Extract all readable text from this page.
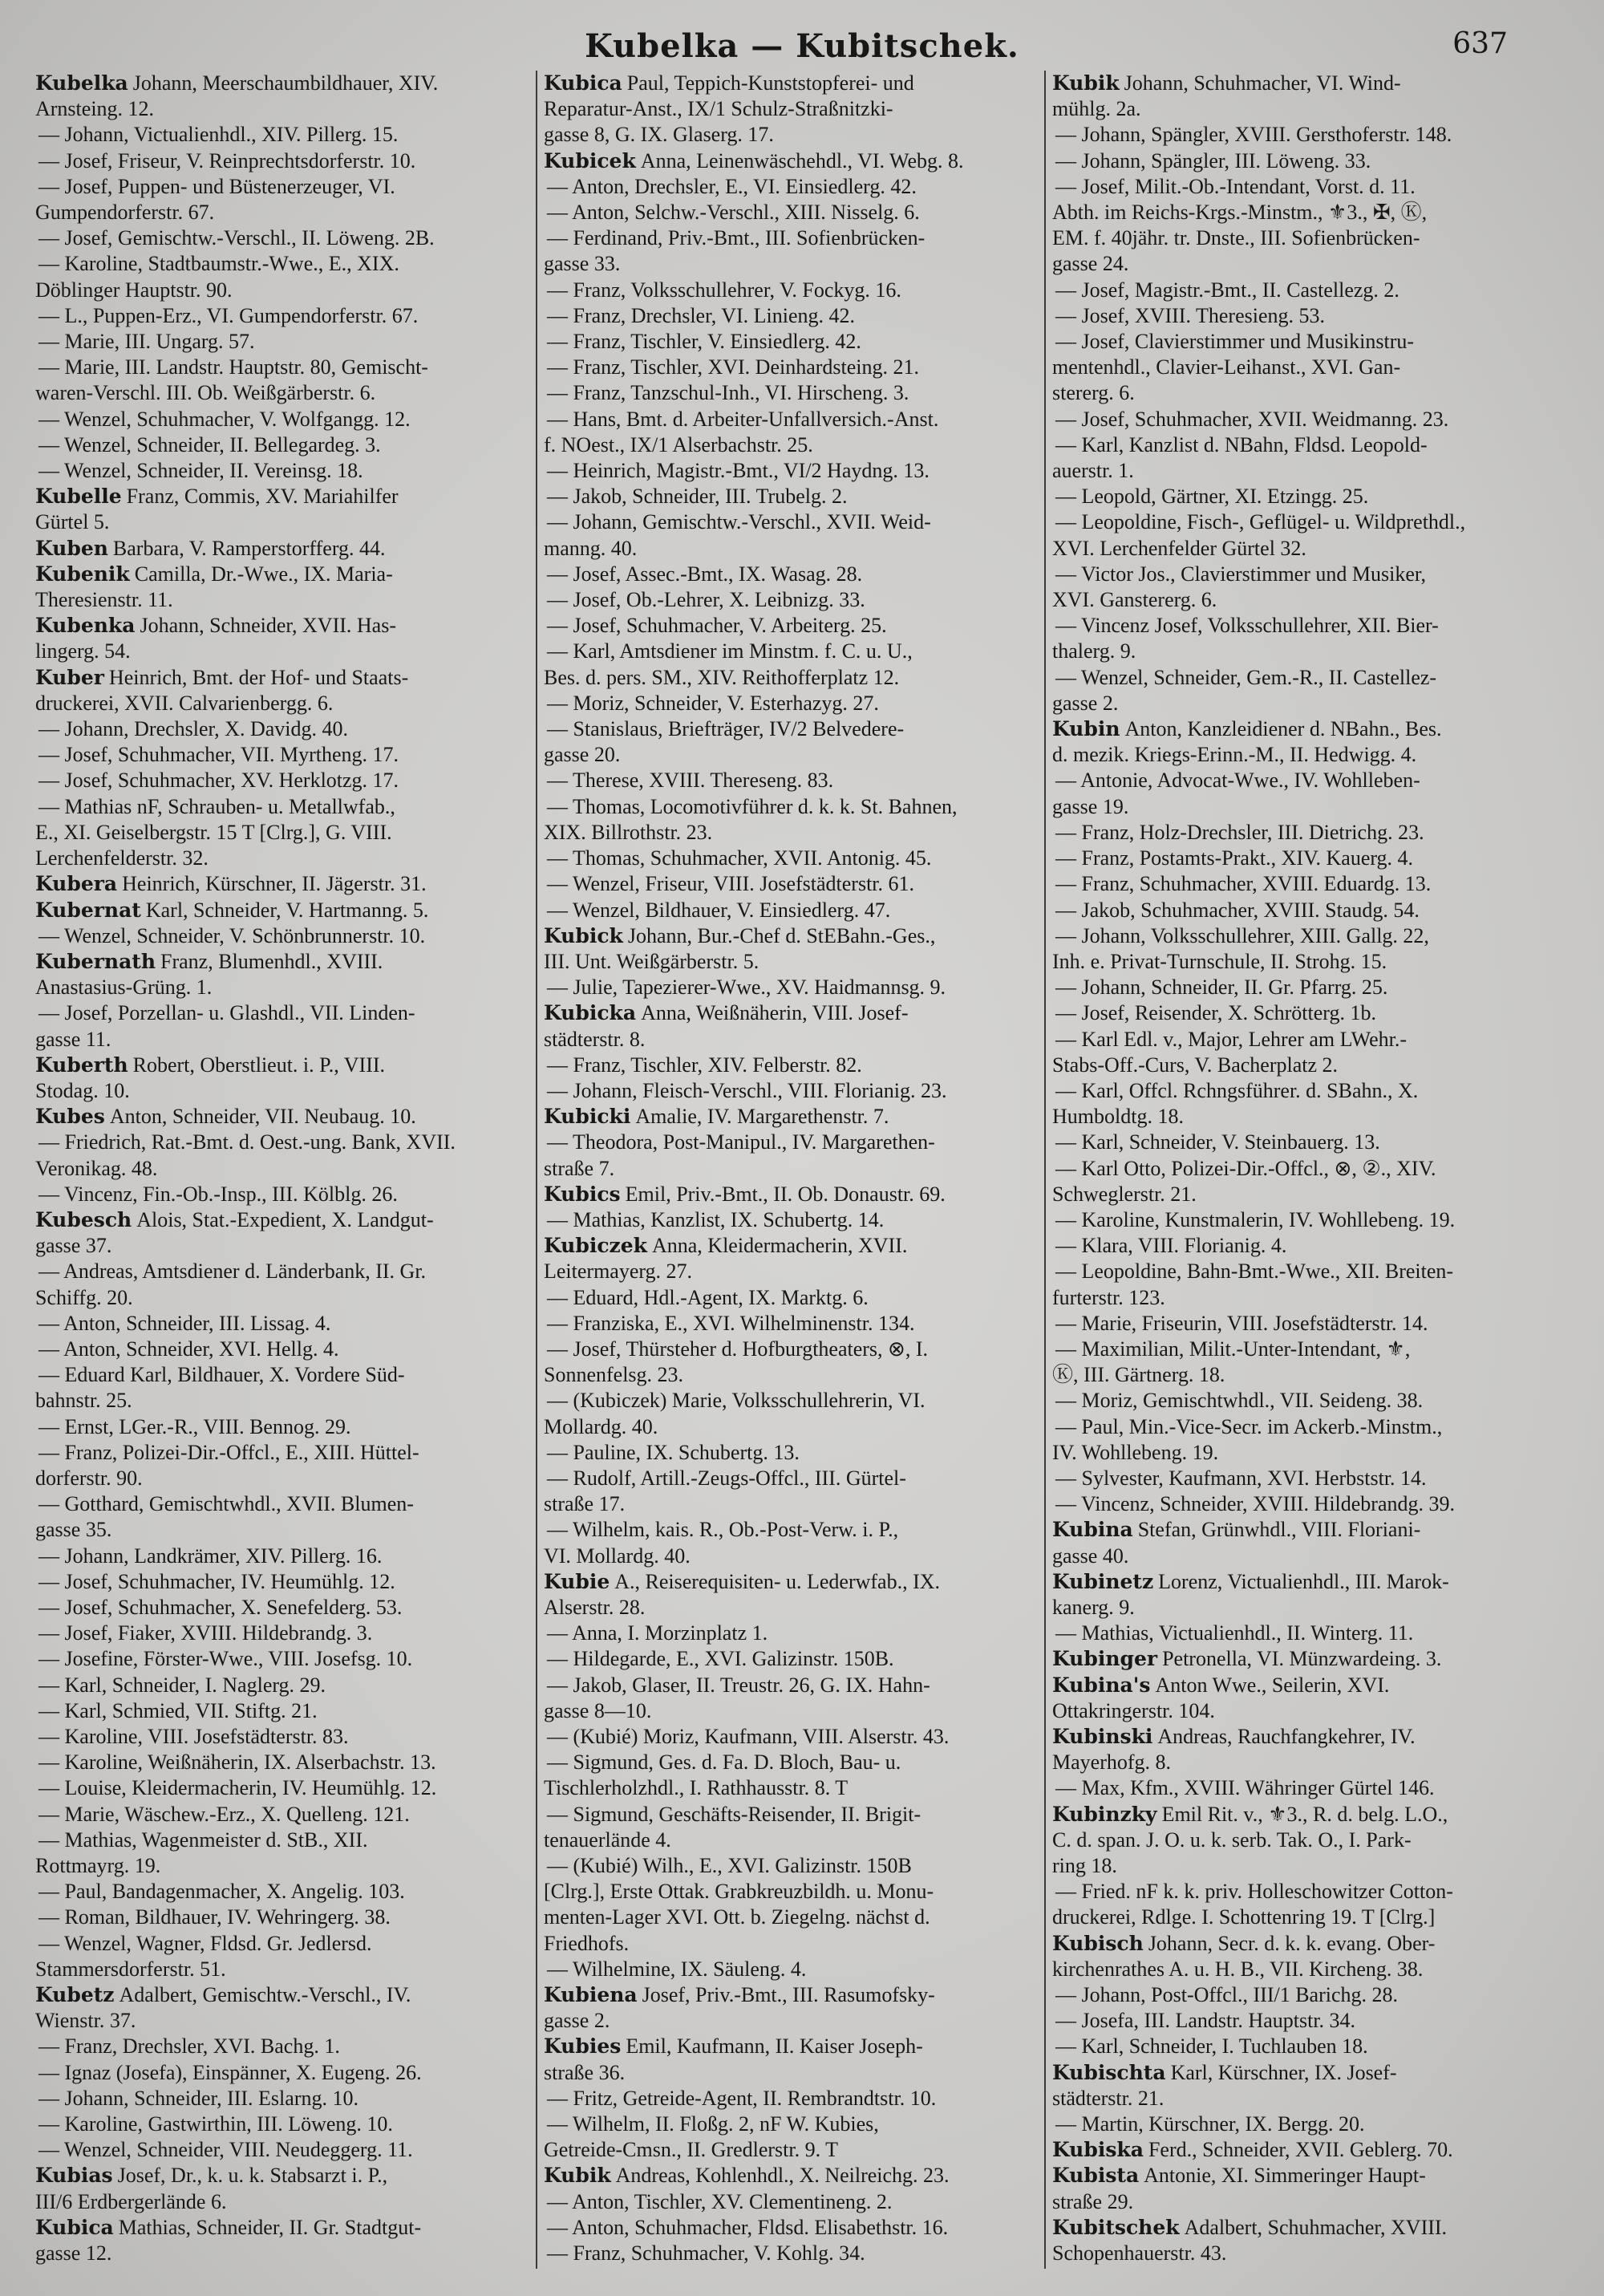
Kubelka — Kubitschek.	637
Kubelka Johann, Meerschaumbildhauer, XIV.
Arnsteing. 12.
— Johann, Victualienhdl., XIV. Pillerg. 15.
— Josef, Friseur, V. Reinprechtsdorferstr. 10.
— Josef, Puppen- und Büstenerzeuger, VI.
Gumpendorferstr. 67.
— Josef, Gemischtw.-Verschl., II. Löweng. 2B.
— Karoline, Stadtbaumstr.-Wwe., E., XIX.
Döblinger Hauptstr. 90.
— L., Puppen-Erz., VI. Gumpendorferstr. 67.
— Marie, III. Ungarg. 57.
— Marie, III. Landstr. Hauptstr. 80, Gemischt-
waren-Verschl. III. Ob. Weißgärberstr. 6.
— Wenzel, Schuhmacher, V. Wolfgangg. 12.
— Wenzel, Schneider, II. Bellegardeg. 3.
— Wenzel, Schneider, II. Vereinsg. 18.
Kubelle Franz, Commis, XV. Mariahilfer
Gürtel 5.
Kuben Barbara, V. Ramperstorfferg. 44.
Kubenik Camilla, Dr.-Wwe., IX. Maria-
Theresienstr. 11.
Kubenka Johann, Schneider, XVII. Has-
lingerg. 54.
Kuber Heinrich, Bmt. der Hof- und Staats-
druckerei, XVII. Calvarienbergg. 6.
— Johann, Drechsler, X. Davidg. 40.
— Josef, Schuhmacher, VII. Myrtheng. 17.
— Josef, Schuhmacher, XV. Herklotzg. 17.
— Mathias nF, Schrauben- u. Metallwfab.,
E., XI. Geiselbergstr. 15 T [Clrg.], G. VIII.
Lerchenfelderstr. 32.
Kubera Heinrich, Kürschner, II. Jägerstr. 31.
Kubernat Karl, Schneider, V. Hartmanng. 5.
— Wenzel, Schneider, V. Schönbrunnerstr. 10.
Kubernath Franz, Blumenhdl., XVIII.
Anastasius-Grüng. 1.
— Josef, Porzellan- u. Glashdl., VII. Linden-
gasse 11.
Kuberth Robert, Oberstlieut. i. P., VIII.
Stodag. 10.
Kubes Anton, Schneider, VII. Neubaug. 10.
— Friedrich, Rat.-Bmt. d. Oest.-ung. Bank, XVII.
Veronikag. 48.
— Vincenz, Fin.-Ob.-Insp., III. Kölblg. 26.
Kubesch Alois, Stat.-Expedient, X. Landgut-
gasse 37.
— Andreas, Amtsdiener d. Länderbank, II. Gr.
Schiffg. 20.
— Anton, Schneider, III. Lissag. 4.
— Anton, Schneider, XVI. Hellg. 4.
— Eduard Karl, Bildhauer, X. Vordere Süd-
bahnstr. 25.
— Ernst, LGer.-R., VIII. Bennog. 29.
— Franz, Polizei-Dir.-Offcl., E., XIII. Hüttel-
dorferstr. 90.
— Gotthard, Gemischtwhdl., XVII. Blumen-
gasse 35.
— Johann, Landkrämer, XIV. Pillerg. 16.
— Josef, Schuhmacher, IV. Heumühlg. 12.
— Josef, Schuhmacher, X. Senefelderg. 53.
— Josef, Fiaker, XVIII. Hildebrandg. 3.
— Josefine, Förster-Wwe., VIII. Josefsg. 10.
— Karl, Schneider, I. Naglerg. 29.
— Karl, Schmied, VII. Stiftg. 21.
— Karoline, VIII. Josefstädterstr. 83.
— Karoline, Weißnäherin, IX. Alserbachstr. 13.
— Louise, Kleidermacherin, IV. Heumühlg. 12.
— Marie, Wäschew.-Erz., X. Quelleng. 121.
— Mathias, Wagenmeister d. StB., XII.
Rottmayrg. 19.
— Paul, Bandagenmacher, X. Angelig. 103.
— Roman, Bildhauer, IV. Wehringerg. 38.
— Wenzel, Wagner, Fldsd. Gr. Jedlersd.
Stammersdorferstr. 51.
Kubetz Adalbert, Gemischtw.-Verschl., IV.
Wienstr. 37.
— Franz, Drechsler, XVI. Bachg. 1.
— Ignaz (Josefa), Einspänner, X. Eugeng. 26.
— Johann, Schneider, III. Eslarng. 10.
— Karoline, Gastwirthin, III. Löweng. 10.
— Wenzel, Schneider, VIII. Neudeggerg. 11.
Kubias Josef, Dr., k. u. k. Stabsarzt i. P.,
III/6 Erdbergerlände 6.
Kubica Mathias, Schneider, II. Gr. Stadtgut-
gasse 12.
Kubica Paul, Teppich-Kunststopferei- und
Reparatur-Anst., IX/1 Schulz-Straßnitzki-
gasse 8, G. IX. Glaserg. 17.
Kubicek Anna, Leinenwäschehdl., VI. Webg. 8.
— Anton, Drechsler, E., VI. Einsiedlerg. 42.
— Anton, Selchw.-Verschl., XIII. Nisselg. 6.
— Ferdinand, Priv.-Bmt., III. Sofienbrücken-
gasse 33.
— Franz, Volksschullehrer, V. Fockyg. 16.
— Franz, Drechsler, VI. Linieng. 42.
— Franz, Tischler, V. Einsiedlerg. 42.
— Franz, Tischler, XVI. Deinhardsteing. 21.
— Franz, Tanzschul-Inh., VI. Hirscheng. 3.
— Hans, Bmt. d. Arbeiter-Unfallversich.-Anst.
f. NOest., IX/1 Alserbachstr. 25.
— Heinrich, Magistr.-Bmt., VI/2 Haydng. 13.
— Jakob, Schneider, III. Trubelg. 2.
— Johann, Gemischtw.-Verschl., XVII. Weid-
manng. 40.
— Josef, Assec.-Bmt., IX. Wasag. 28.
— Josef, Ob.-Lehrer, X. Leibnizg. 33.
— Josef, Schuhmacher, V. Arbeiterg. 25.
— Karl, Amtsdiener im Minstm. f. C. u. U.,
Bes. d. pers. SM., XIV. Reithofferplatz 12.
— Moriz, Schneider, V. Esterhazyg. 27.
— Stanislaus, Briefträger, IV/2 Belvedere-
gasse 20.
— Therese, XVIII. Thereseng. 83.
— Thomas, Locomotivführer d. k. k. St. Bahnen,
XIX. Billrothstr. 23.
— Thomas, Schuhmacher, XVII. Antonig. 45.
— Wenzel, Friseur, VIII. Josefstädterstr. 61.
— Wenzel, Bildhauer, V. Einsiedlerg. 47.
Kubick Johann, Bur.-Chef d. StEBahn.-Ges.,
III. Unt. Weißgärberstr. 5.
— Julie, Tapezierer-Wwe., XV. Haidmannsg. 9.
Kubicka Anna, Weißnäherin, VIII. Josef-
städterstr. 8.
— Franz, Tischler, XIV. Felberstr. 82.
— Johann, Fleisch-Verschl., VIII. Florianig. 23.
Kubicki Amalie, IV. Margarethenstr. 7.
— Theodora, Post-Manipul., IV. Margarethen-
straße 7.
Kubics Emil, Priv.-Bmt., II. Ob. Donaustr. 69.
— Mathias, Kanzlist, IX. Schubertg. 14.
Kubiczek Anna, Kleidermacherin, XVII.
Leitermayerg. 27.
— Eduard, Hdl.-Agent, IX. Marktg. 6.
— Franziska, E., XVI. Wilhelminenstr. 134.
— Josef, Thürsteher d. Hofburgtheaters, ⊗, I.
Sonnenfelsg. 23.
— (Kubiczek) Marie, Volksschullehrerin, VI.
Mollardg. 40.
— Pauline, IX. Schubertg. 13.
— Rudolf, Artill.-Zeugs-Offcl., III. Gürtel-
straße 17.
— Wilhelm, kais. R., Ob.-Post-Verw. i. P.,
VI. Mollardg. 40.
Kubie A., Reiserequisiten- u. Lederwfab., IX.
Alserstr. 28.
— Anna, I. Morzinplatz 1.
— Hildegarde, E., XVI. Galizinstr. 150B.
— Jakob, Glaser, II. Treustr. 26, G. IX. Hahn-
gasse 8—10.
— (Kubié) Moriz, Kaufmann, VIII. Alserstr. 43.
— Sigmund, Ges. d. Fa. D. Bloch, Bau- u.
Tischlerholzhdl., I. Rathhausstr. 8. T
— Sigmund, Geschäfts-Reisender, II. Brigit-
tenauerlände 4.
— (Kubié) Wilh., E., XVI. Galizinstr. 150B
[Clrg.], Erste Ottak. Grabkreuzbildh. u. Monu-
menten-Lager XVI. Ott. b. Ziegelng. nächst d.
Friedhofs.
— Wilhelmine, IX. Säuleng. 4.
Kubiena Josef, Priv.-Bmt., III. Rasumofsky-
gasse 2.
Kubies Emil, Kaufmann, II. Kaiser Joseph-
straße 36.
— Fritz, Getreide-Agent, II. Rembrandtstr. 10.
— Wilhelm, II. Floßg. 2, nF W. Kubies,
Getreide-Cmsn., II. Gredlerstr. 9. T
Kubik Andreas, Kohlenhdl., X. Neilreichg. 23.
— Anton, Tischler, XV. Clementineng. 2.
— Anton, Schuhmacher, Fldsd. Elisabethstr. 16.
— Franz, Schuhmacher, V. Kohlg. 34.
Kubik Johann, Schuhmacher, VI. Wind-
mühlg. 2a.
— Johann, Spängler, XVIII. Gersthoferstr. 148.
— Johann, Spängler, III. Löweng. 33.
— Josef, Milit.-Ob.-Intendant, Vorst. d. 11.
Abth. im Reichs-Krgs.-Minstm., ⚜3., ✠, Ⓚ,
EM. f. 40jähr. tr. Dnste., III. Sofienbrücken-
gasse 24.
— Josef, Magistr.-Bmt., II. Castellezg. 2.
— Josef, XVIII. Theresieng. 53.
— Josef, Clavierstimmer und Musikinstru-
mentenhdl., Clavier-Leihanst., XVI. Gan-
stererg. 6.
— Josef, Schuhmacher, XVII. Weidmanng. 23.
— Karl, Kanzlist d. NBahn, Fldsd. Leopold-
auerstr. 1.
— Leopold, Gärtner, XI. Etzingg. 25.
— Leopoldine, Fisch-, Geflügel- u. Wildprethdl.,
XVI. Lerchenfelder Gürtel 32.
— Victor Jos., Clavierstimmer und Musiker,
XVI. Ganstererg. 6.
— Vincenz Josef, Volksschullehrer, XII. Bier-
thalerg. 9.
— Wenzel, Schneider, Gem.-R., II. Castellez-
gasse 2.
Kubin Anton, Kanzleidiener d. NBahn., Bes.
d. mezik. Kriegs-Erinn.-M., II. Hedwigg. 4.
— Antonie, Advocat-Wwe., IV. Wohlleben-
gasse 19.
— Franz, Holz-Drechsler, III. Dietrichg. 23.
— Franz, Postamts-Prakt., XIV. Kauerg. 4.
— Franz, Schuhmacher, XVIII. Eduardg. 13.
— Jakob, Schuhmacher, XVIII. Staudg. 54.
— Johann, Volksschullehrer, XIII. Gallg. 22,
Inh. e. Privat-Turnschule, II. Strohg. 15.
— Johann, Schneider, II. Gr. Pfarrg. 25.
— Josef, Reisender, X. Schrötterg. 1b.
— Karl Edl. v., Major, Lehrer am LWehr.-
Stabs-Off.-Curs, V. Bacherplatz 2.
— Karl, Offcl. Rchngsführer. d. SBahn., X.
Humboldtg. 18.
— Karl, Schneider, V. Steinbauerg. 13.
— Karl Otto, Polizei-Dir.-Offcl., ⊗, ②., XIV.
Schweglerstr. 21.
— Karoline, Kunstmalerin, IV. Wohllebeng. 19.
— Klara, VIII. Florianig. 4.
— Leopoldine, Bahn-Bmt.-Wwe., XII. Breiten-
furterstr. 123.
— Marie, Friseurin, VIII. Josefstädterstr. 14.
— Maximilian, Milit.-Unter-Intendant, ⚜,
Ⓚ, III. Gärtnerg. 18.
— Moriz, Gemischtwhdl., VII. Seideng. 38.
— Paul, Min.-Vice-Secr. im Ackerb.-Minstm.,
IV. Wohllebeng. 19.
— Sylvester, Kaufmann, XVI. Herbststr. 14.
— Vincenz, Schneider, XVIII. Hildebrandg. 39.
Kubina Stefan, Grünwhdl., VIII. Floriani-
gasse 40.
Kubinetz Lorenz, Victualienhdl., III. Marok-
kanerg. 9.
— Mathias, Victualienhdl., II. Winterg. 11.
Kubinger Petronella, VI. Münzwardeing. 3.
Kubina's Anton Wwe., Seilerin, XVI.
Ottakringerstr. 104.
Kubinski Andreas, Rauchfangkehrer, IV.
Mayerhofg. 8.
— Max, Kfm., XVIII. Währinger Gürtel 146.
Kubinzky Emil Rit. v., ⚜3., R. d. belg. L.O.,
C. d. span. J. O. u. k. serb. Tak. O., I. Park-
ring 18.
— Fried. nF k. k. priv. Holleschowitzer Cotton-
druckerei, Rdlge. I. Schottenring 19. T [Clrg.]
Kubisch Johann, Secr. d. k. k. evang. Ober-
kirchenrathes A. u. H. B., VII. Kircheng. 38.
— Johann, Post-Offcl., III/1 Barichg. 28.
— Josefa, III. Landstr. Hauptstr. 34.
— Karl, Schneider, I. Tuchlauben 18.
Kubischta Karl, Kürschner, IX. Josef-
städterstr. 21.
— Martin, Kürschner, IX. Bergg. 20.
Kubiska Ferd., Schneider, XVII. Geblerg. 70.
Kubista Antonie, XI. Simmeringer Haupt-
straße 29.
Kubitschek Adalbert, Schuhmacher, XVIII.
Schopenhauerstr. 43.
